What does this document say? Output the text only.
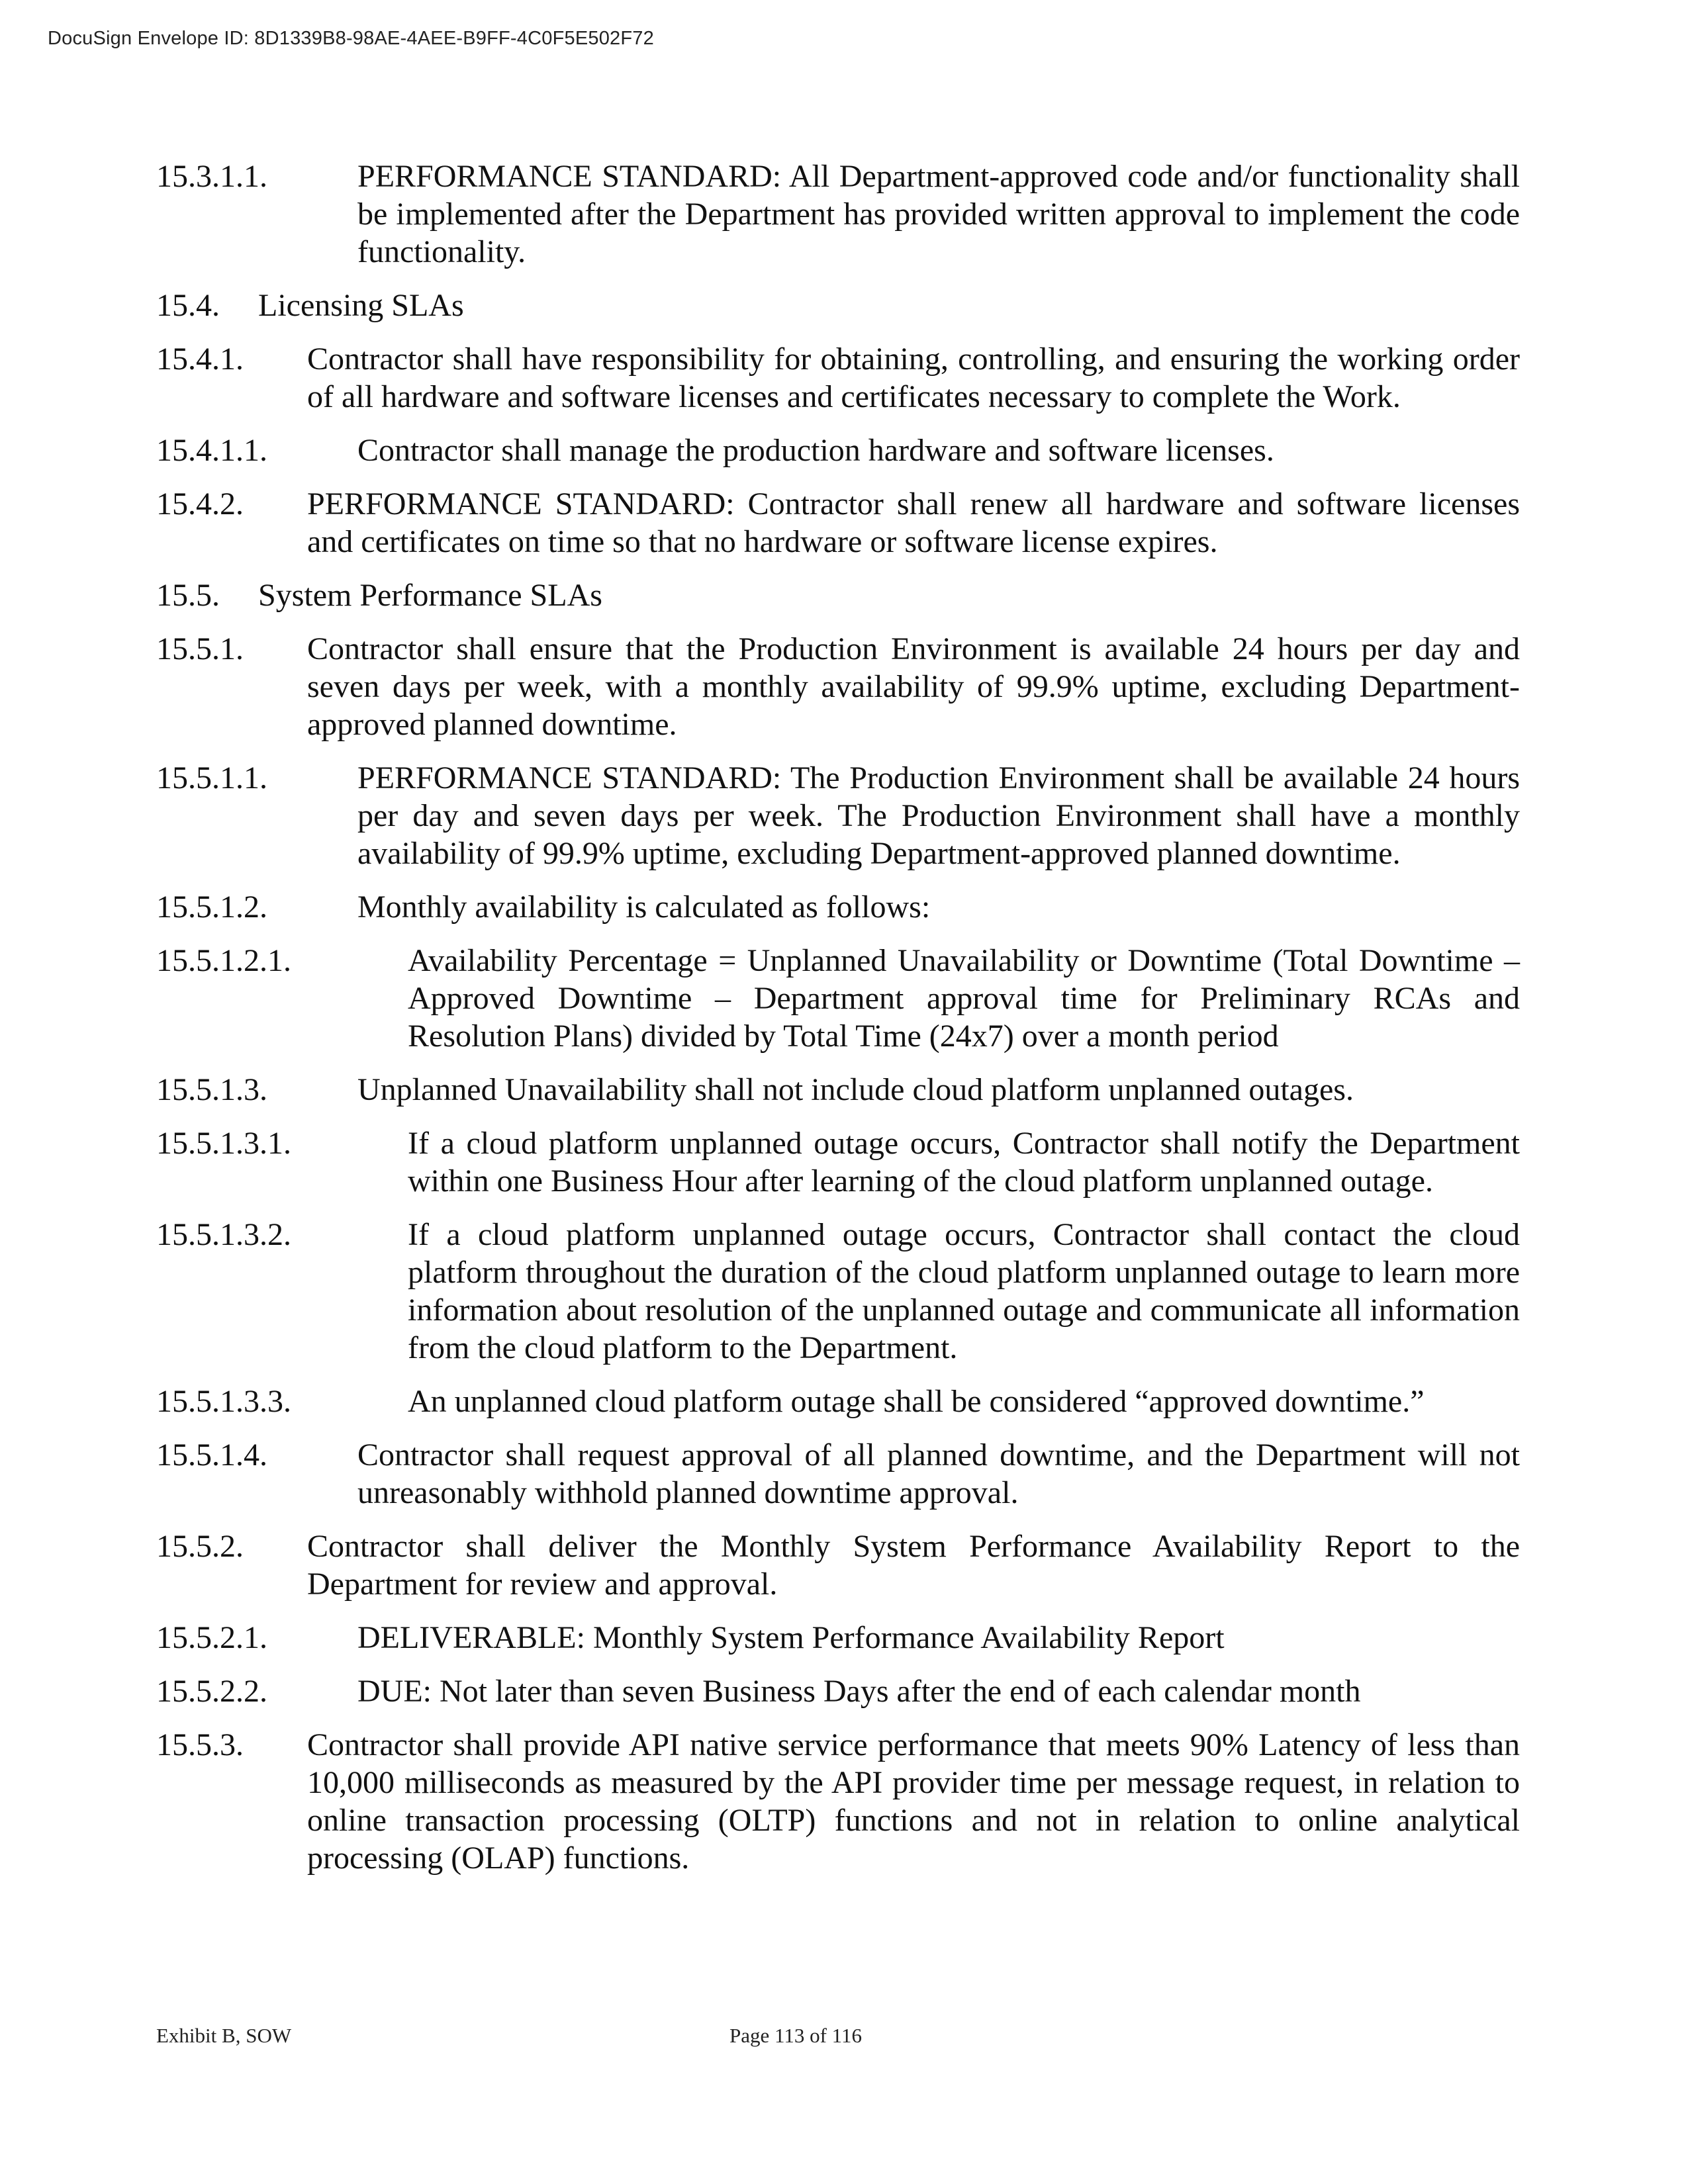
DocuSign Envelope ID: 8D1339B8-98AE-4AEE-B9FF-4C0F5E502F72
15.3.1.1.	PERFORMANCE STANDARD: All Department-approved code and/or functionality shall be implemented after the Department has provided written approval to implement the code functionality.
15.4.	Licensing SLAs
15.4.1.	Contractor shall have responsibility for obtaining, controlling, and ensuring the working order of all hardware and software licenses and certificates necessary to complete the Work.
15.4.1.1.	Contractor shall manage the production hardware and software licenses.
15.4.2.	PERFORMANCE STANDARD: Contractor shall renew all hardware and software licenses and certificates on time so that no hardware or software license expires.
15.5.	System Performance SLAs
15.5.1.	Contractor shall ensure that the Production Environment is available 24 hours per day and seven days per week, with a monthly availability of 99.9% uptime, excluding Department-approved planned downtime.
15.5.1.1.	PERFORMANCE STANDARD: The Production Environment shall be available 24 hours per day and seven days per week. The Production Environment shall have a monthly availability of 99.9% uptime, excluding Department-approved planned downtime.
15.5.1.2.	Monthly availability is calculated as follows:
15.5.1.2.1.	Availability Percentage = Unplanned Unavailability or Downtime (Total Downtime – Approved Downtime – Department approval time for Preliminary RCAs and Resolution Plans) divided by Total Time (24x7) over a month period
15.5.1.3.	Unplanned Unavailability shall not include cloud platform unplanned outages.
15.5.1.3.1.	If a cloud platform unplanned outage occurs, Contractor shall notify the Department within one Business Hour after learning of the cloud platform unplanned outage.
15.5.1.3.2.	If a cloud platform unplanned outage occurs, Contractor shall contact the cloud platform throughout the duration of the cloud platform unplanned outage to learn more information about resolution of the unplanned outage and communicate all information from the cloud platform to the Department.
15.5.1.3.3.	An unplanned cloud platform outage shall be considered “approved downtime.”
15.5.1.4.	Contractor shall request approval of all planned downtime, and the Department will not unreasonably withhold planned downtime approval.
15.5.2.	Contractor shall deliver the Monthly System Performance Availability Report to the Department for review and approval.
15.5.2.1.	DELIVERABLE: Monthly System Performance Availability Report
15.5.2.2.	DUE: Not later than seven Business Days after the end of each calendar month
15.5.3.	Contractor shall provide API native service performance that meets 90% Latency of less than 10,000 milliseconds as measured by the API provider time per message request, in relation to online transaction processing (OLTP) functions and not in relation to online analytical processing (OLAP) functions.
Exhibit B, SOW	Page 113 of 116
